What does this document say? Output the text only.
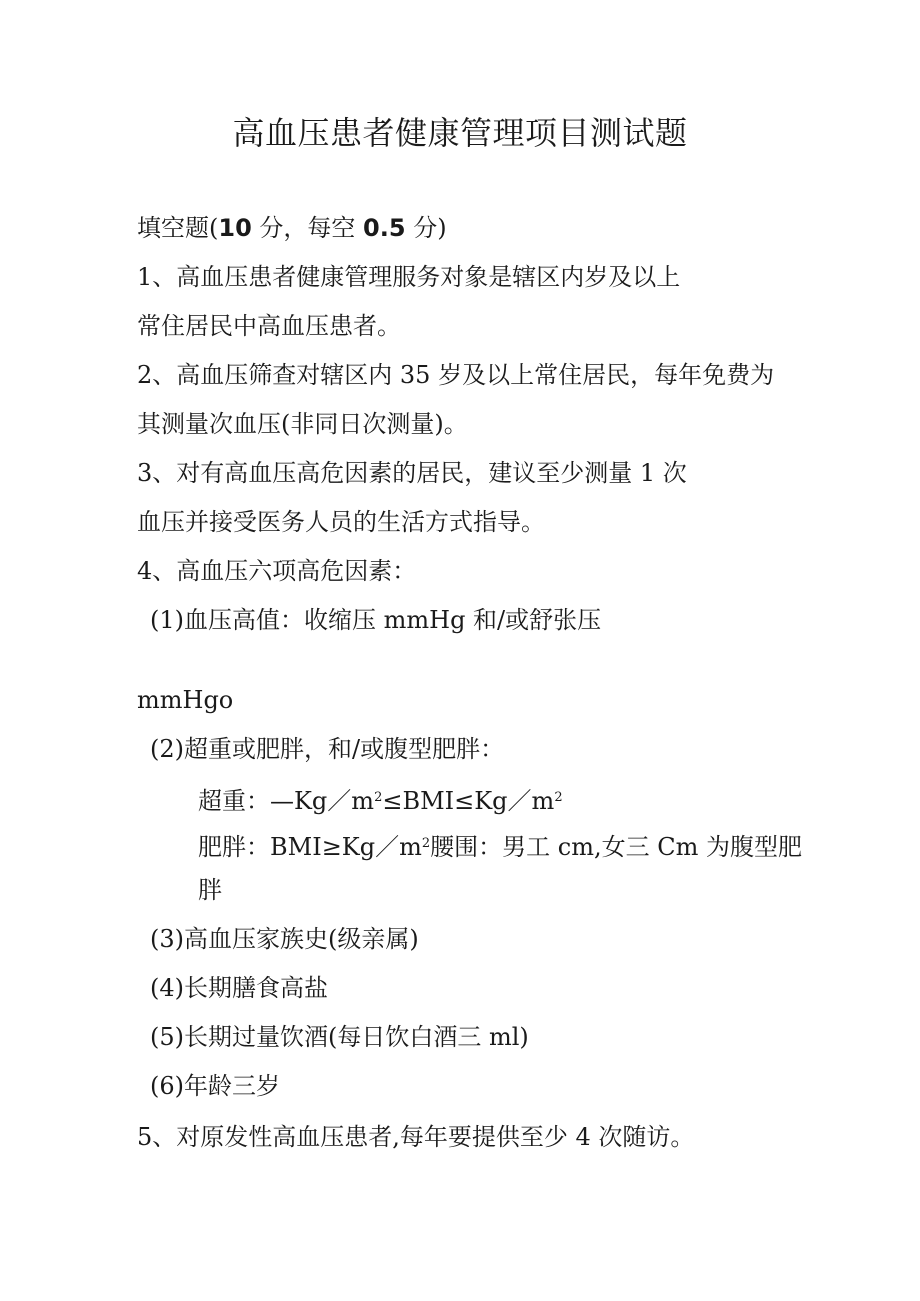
高血压患者健康管理项目测试题
填空题(10 分，每空 0.5 分)
1、高血压患者健康管理服务对象是辖区内岁及以上
常住居民中高血压患者。
2、高血压筛查对辖区内 35 岁及以上常住居民，每年免费为
其测量次血压(非同日次测量)。
3、对有高血压高危因素的居民，建议至少测量 1 次
血压并接受医务人员的生活方式指导。
4、高血压六项高危因素：
(1)血压高值：收缩压 mmHg 和/或舒张压
mmHgo
(2)超重或肥胖，和/或腹型肥胖：
超重：$—Kg/m^2\le BMI\le Kg/m^2$
肥胖：$BMI\ge Kg/m^2$腰围：男工 cm,女三 Cm 为腹型肥
胖
(3)高血压家族史(级亲属)
(4)长期膳食高盐
(5)长期过量饮酒(每日饮白酒三 ml)
(6)年龄三岁
5、对原发性高血压患者,每年要提供至少 4 次随访。
